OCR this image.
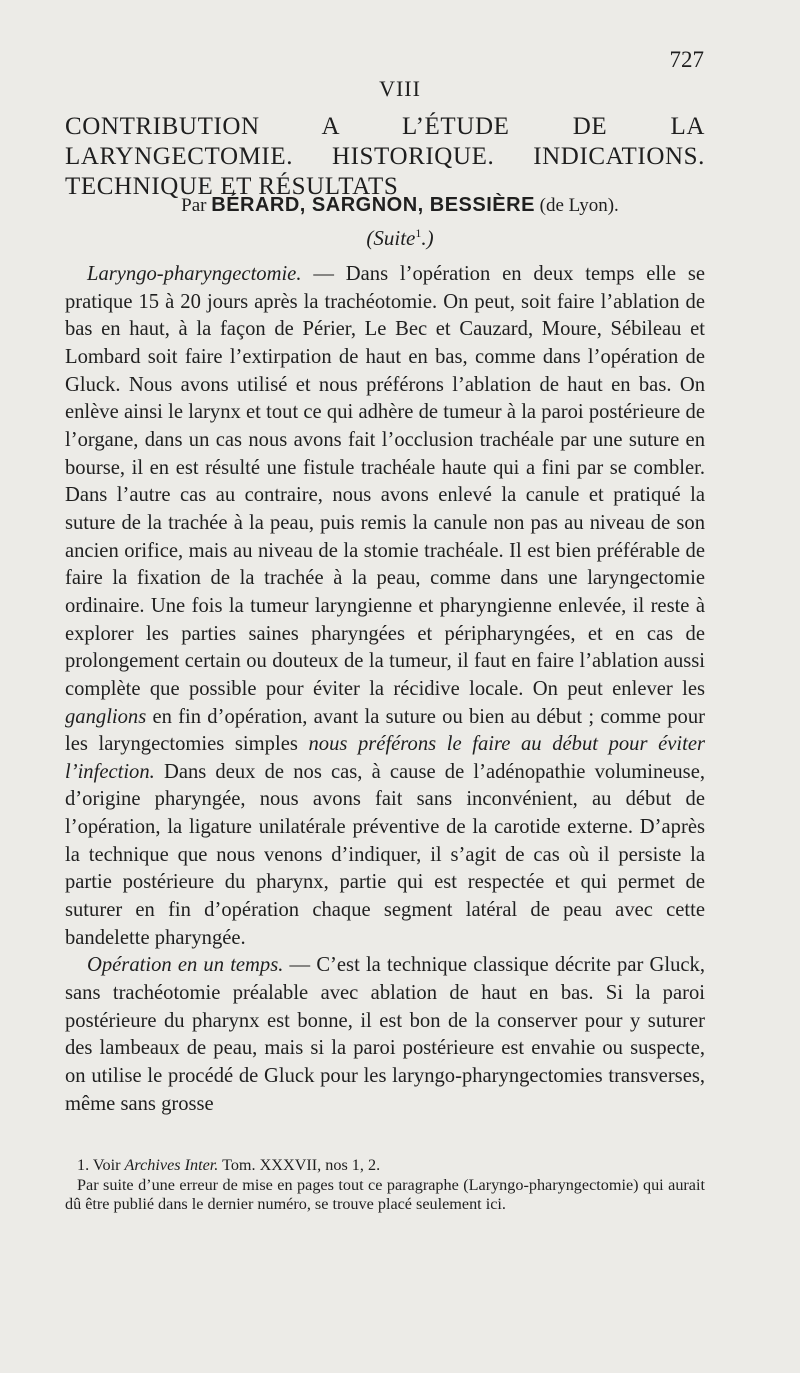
727
VIII
CONTRIBUTION A L’ÉTUDE DE LA LARYNGECTOMIE. HISTORIQUE. INDICATIONS. TECHNIQUE ET RÉSULTATS
Par BÉRARD, SARGNON, BESSIÈRE (de Lyon).
(Suite$^1$.)

Laryngo-pharyngectomie. — Dans l’opération en deux temps elle se pratique 15 à 20 jours après la trachéotomie. On peut, soit faire l’ablation de bas en haut, à la façon de Périer, Le Bec et Cauzard, Moure, Sébileau et Lombard soit faire l’extirpation de haut en bas, comme dans l’opération de Gluck. Nous avons utilisé et nous préférons l’ablation de haut en bas. On enlève ainsi le larynx et tout ce qui adhère de tumeur à la paroi postérieure de l’organe, dans un cas nous avons fait l’occlusion trachéale par une suture en bourse, il en est résulté une fistule trachéale haute qui a fini par se combler. Dans l’autre cas au contraire, nous avons enlevé la canule et pratiqué la suture de la trachée à la peau, puis remis la canule non pas au niveau de son ancien orifice, mais au niveau de la stomie trachéale. Il est bien préférable de faire la fixation de la trachée à la peau, comme dans une laryngectomie ordinaire. Une fois la tumeur laryngienne et pharyngienne enlevée, il reste à explorer les parties saines pharyngées et péripharyngées, et en cas de prolongement certain ou douteux de la tumeur, il faut en faire l’ablation aussi complète que possible pour éviter la récidive locale. On peut enlever les ganglions en fin d’opération, avant la suture ou bien au début ; comme pour les laryngectomies simples nous préférons le faire au début pour éviter l’infection. Dans deux de nos cas, à cause de l’adénopathie volumineuse, d’origine pharyngée, nous avons fait sans inconvénient, au début de l’opération, la ligature unilatérale préventive de la carotide externe. D’après la technique que nous venons d’indiquer, il s’agit de cas où il persiste la partie postérieure du pharynx, partie qui est respectée et qui permet de suturer en fin d’opération chaque segment latéral de peau avec cette bandelette pharyngée.

Opération en un temps. — C’est la technique classique décrite par Gluck, sans trachéotomie préalable avec ablation de haut en bas. Si la paroi postérieure du pharynx est bonne, il est bon de la conserver pour y suturer des lambeaux de peau, mais si la paroi postérieure est envahie ou suspecte, on utilise le procédé de Gluck pour les laryngo-pharyngectomies transverses, même sans grosse

1. Voir Archives Inter. Tom. XXXVII, nos 1, 2.

Par suite d’une erreur de mise en pages tout ce paragraphe (Laryngo-pharyngectomie) qui aurait dû être publié dans le dernier numéro, se trouve placé seulement ici.
